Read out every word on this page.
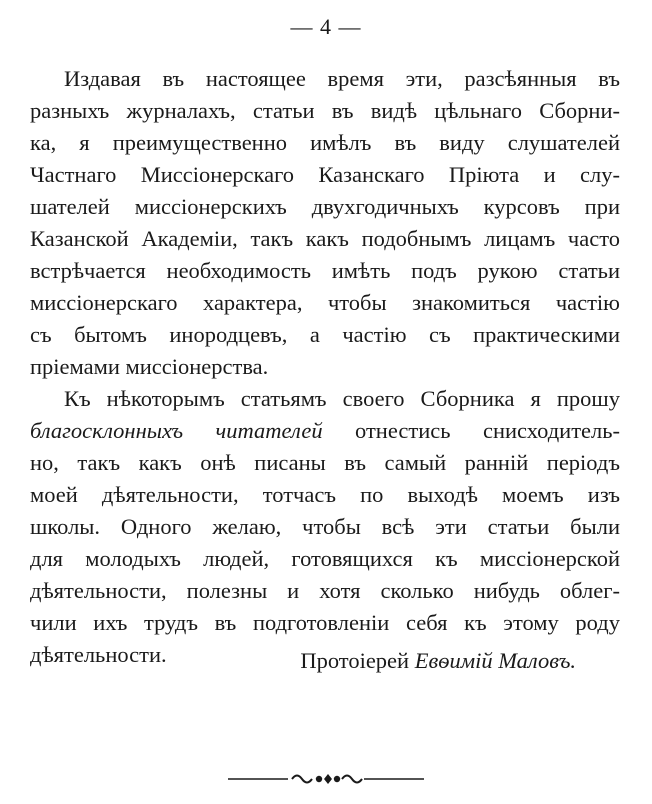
— 4 —
Издавая въ настоящее время эти, разсѣянныя въ
разныхъ журналахъ, статьи въ видѣ цѣльнаго Сборни-
ка, я преимущественно имѣлъ въ виду слушателей
Частнаго Миссіонерскаго Казанскаго Пріюта и слу-
шателей миссіонерскихъ двухгодичныхъ курсовъ при
Казанской Академіи, такъ какъ подобнымъ лицамъ часто
встрѣчается необходимость имѣть подъ рукою статьи
миссіонерскаго характера, чтобы знакомиться частію
съ бытомъ инородцевъ, а частію съ практическими
пріемами миссіонерства.
Къ нѣкоторымъ статьямъ своего Сборника я прошу
благосклонныхъ читателей отнестись снисходитель-
но, такъ какъ онѣ писаны въ самый ранній періодъ
моей дѣятельности, тотчасъ по выходѣ моемъ изъ
школы. Одного желаю, чтобы всѣ эти статьи были
для молодыхъ людей, готовящихся къ миссіонерской
дѣятельности, полезны и хотя сколько нибудь облег-
чили ихъ трудъ въ подготовленіи себя къ этому роду
дѣятельности.	Протоіерей Евѳимій Маловъ.
